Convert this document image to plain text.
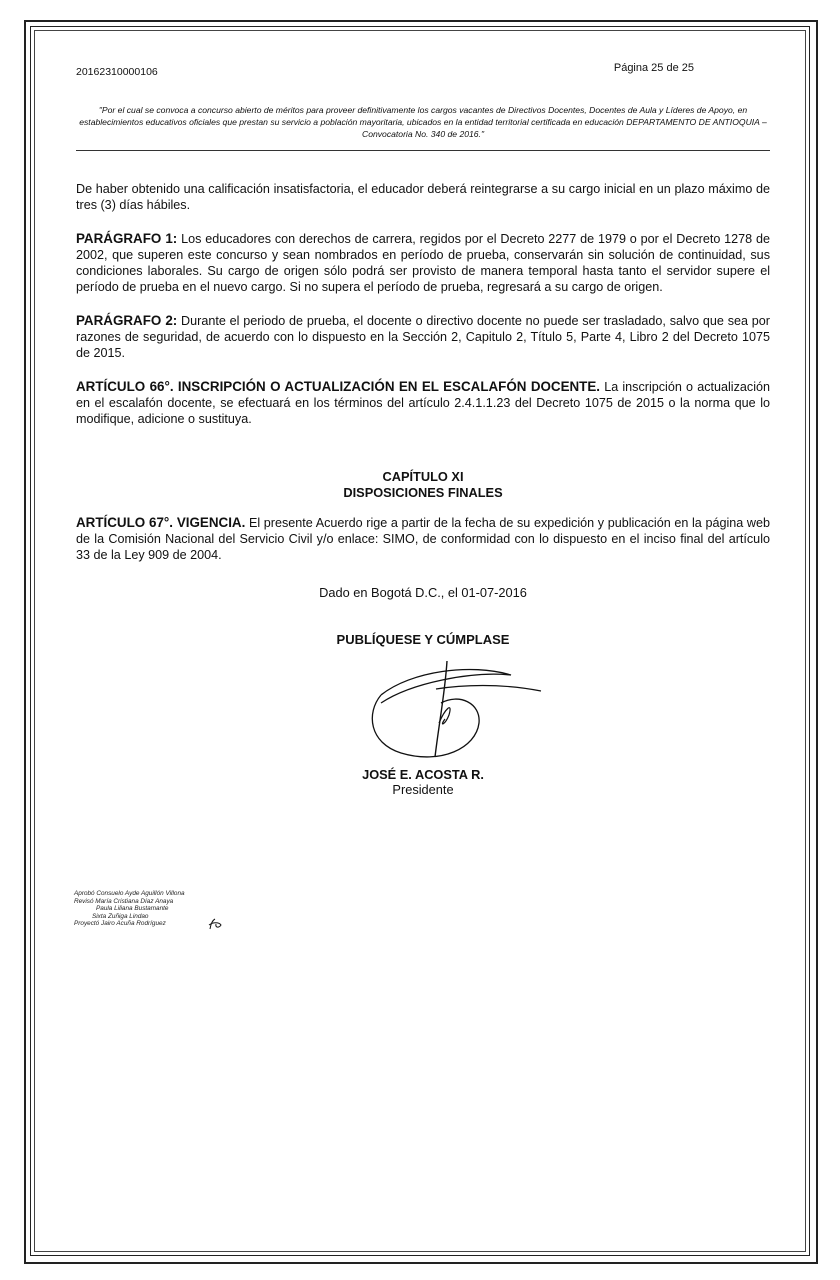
20162310000106	Página 25 de 25
"Por el cual se convoca a concurso abierto de méritos para proveer definitivamente los cargos vacantes de Directivos Docentes, Docentes de Aula y Líderes de Apoyo, en establecimientos educativos oficiales que prestan su servicio a población mayoritaria, ubicados en la entidad territorial certificada en educación DEPARTAMENTO DE ANTIOQUIA – Convocatoria No. 340 de 2016."

De haber obtenido una calificación insatisfactoria, el educador deberá reintegrarse a su cargo inicial en un plazo máximo de tres (3) días hábiles.

PARÁGRAFO 1: Los educadores con derechos de carrera, regidos por el Decreto 2277 de 1979 o por el Decreto 1278 de 2002, que superen este concurso y sean nombrados en período de prueba, conservarán sin solución de continuidad, sus condiciones laborales. Su cargo de origen sólo podrá ser provisto de manera temporal hasta tanto el servidor supere el período de prueba en el nuevo cargo. Si no supera el período de prueba, regresará a su cargo de origen.

PARÁGRAFO 2: Durante el periodo de prueba, el docente o directivo docente no puede ser trasladado, salvo que sea por razones de seguridad, de acuerdo con lo dispuesto en la Sección 2, Capitulo 2, Título 5, Parte 4, Libro 2 del Decreto 1075 de 2015.

ARTÍCULO 66°. INSCRIPCIÓN O ACTUALIZACIÓN EN EL ESCALAFÓN DOCENTE. La inscripción o actualización en el escalafón docente, se efectuará en los términos del artículo 2.4.1.1.23 del Decreto 1075 de 2015 o la norma que lo modifique, adicione o sustituya.

CAPÍTULO XI
DISPOSICIONES FINALES

ARTÍCULO 67°. VIGENCIA. El presente Acuerdo rige a partir de la fecha de su expedición y publicación en la página web de la Comisión Nacional del Servicio Civil y/o enlace: SIMO, de conformidad con lo dispuesto en el inciso final del artículo 33 de la Ley 909 de 2004.

Dado en Bogotá D.C., el 01-07-2016
PUBLÍQUESE Y CÚMPLASE
JOSÉ E. ACOSTA R.
Presidente
Aprobó Consuelo Ayde Aguillón Villona
Revisó María Cristiana Díaz Anaya
Paula Liliana Bustamante
Sixta Zuñiga Lindao
Proyectó Jairo Acuña Rodríguez
